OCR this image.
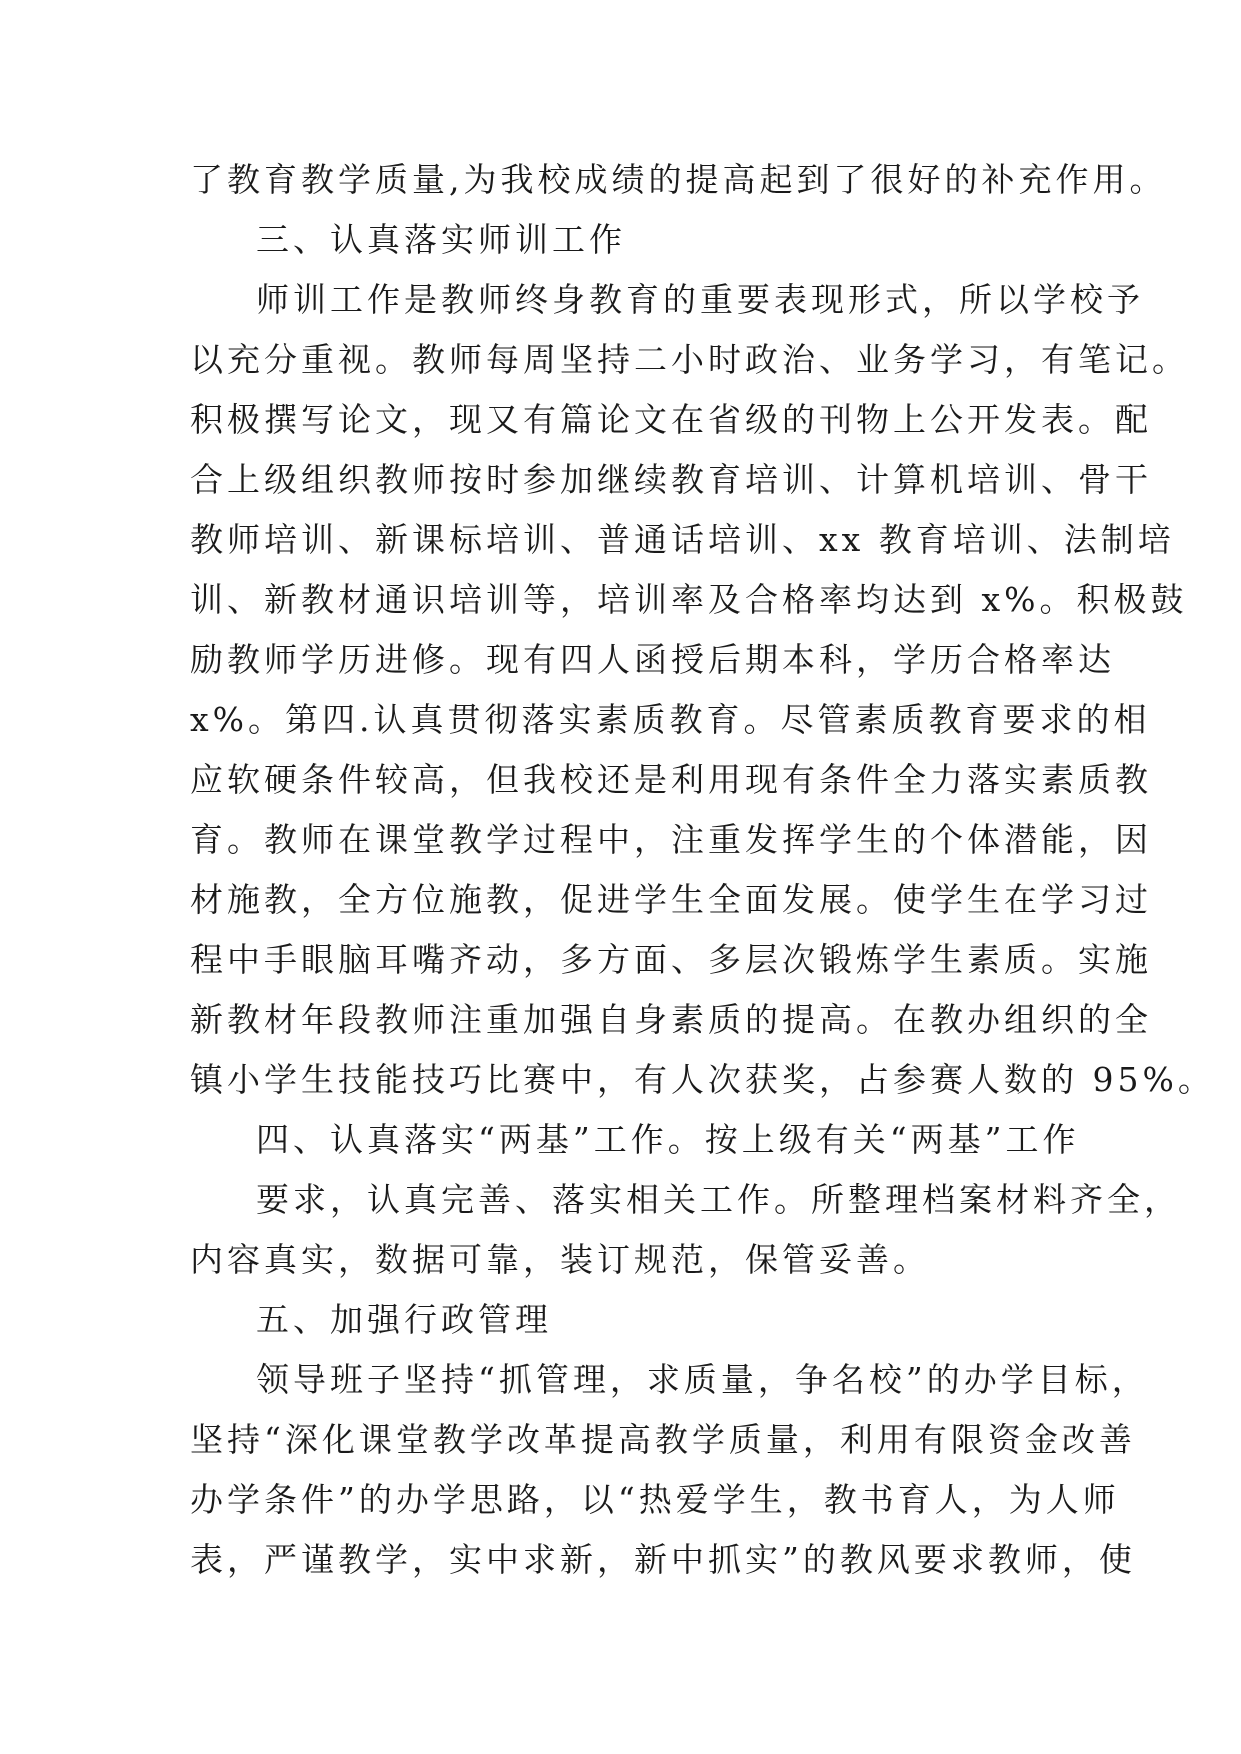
了教育教学质量,为我校成绩的提高起到了很好的补充作用。
三、认真落实师训工作
师训工作是教师终身教育的重要表现形式，所以学校予
以充分重视。教师每周坚持二小时政治、业务学习，有笔记。
积极撰写论文，现又有篇论文在省级的刊物上公开发表。配
合上级组织教师按时参加继续教育培训、计算机培训、骨干
教师培训、新课标培训、普通话培训、xx 教育培训、法制培
训、新教材通识培训等，培训率及合格率均达到 x%。积极鼓
励教师学历进修。现有四人函授后期本科，学历合格率达
x%。第四.认真贯彻落实素质教育。尽管素质教育要求的相
应软硬条件较高，但我校还是利用现有条件全力落实素质教
育。教师在课堂教学过程中，注重发挥学生的个体潜能，因
材施教，全方位施教，促进学生全面发展。使学生在学习过
程中手眼脑耳嘴齐动，多方面、多层次锻炼学生素质。实施
新教材年段教师注重加强自身素质的提高。在教办组织的全
镇小学生技能技巧比赛中，有人次获奖，占参赛人数的 95%。
四、认真落实“两基”工作。按上级有关“两基”工作
要求，认真完善、落实相关工作。所整理档案材料齐全，
内容真实，数据可靠，装订规范，保管妥善。
五、加强行政管理
领导班子坚持“抓管理，求质量，争名校”的办学目标，
坚持“深化课堂教学改革提高教学质量，利用有限资金改善
办学条件”的办学思路，以“热爱学生，教书育人，为人师
表，严谨教学，实中求新，新中抓实”的教风要求教师，使
